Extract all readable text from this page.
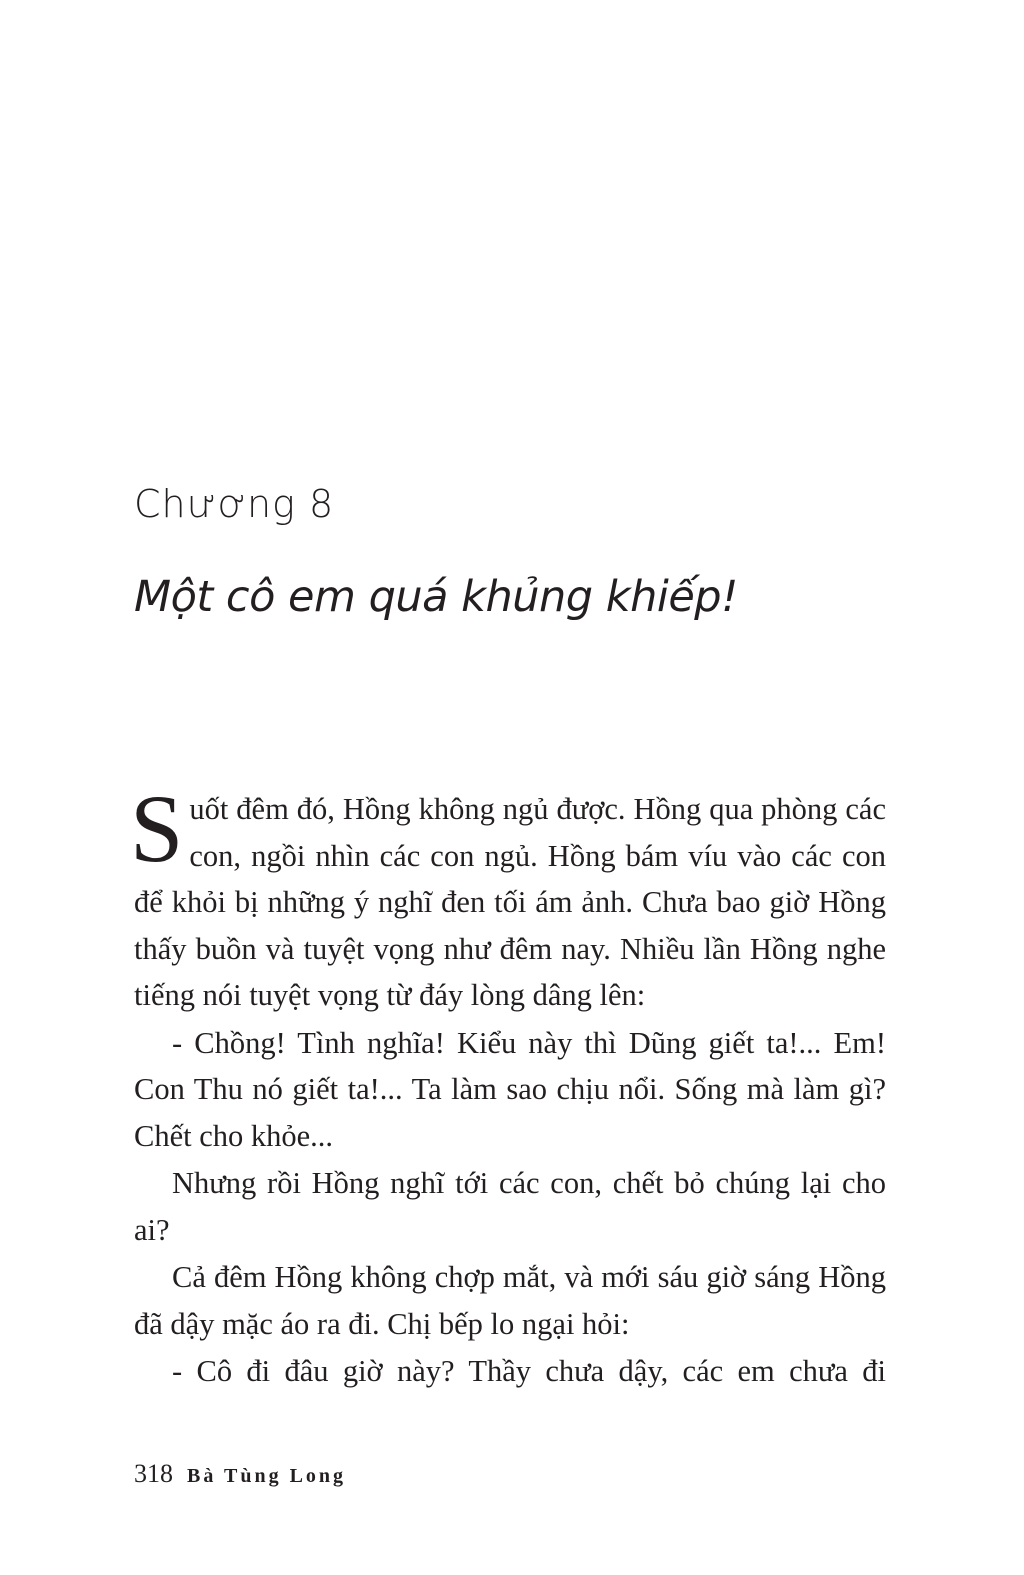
Chương 8
Một cô em quá khủng khiếp!

Suốt đêm đó, Hồng không ngủ được. Hồng qua phòng các con, ngồi nhìn các con ngủ. Hồng bám víu vào các con để khỏi bị những ý nghĩ đen tối ám ảnh. Chưa bao giờ Hồng thấy buồn và tuyệt vọng như đêm nay. Nhiều lần Hồng nghe tiếng nói tuyệt vọng từ đáy lòng dâng lên:

- Chồng! Tình nghĩa! Kiểu này thì Dũng giết ta!... Em! Con Thu nó giết ta!... Ta làm sao chịu nổi. Sống mà làm gì? Chết cho khỏe...

Nhưng rồi Hồng nghĩ tới các con, chết bỏ chúng lại cho ai?

Cả đêm Hồng không chợp mắt, và mới sáu giờ sáng Hồng đã dậy mặc áo ra đi. Chị bếp lo ngại hỏi:

- Cô đi đâu giờ này? Thầy chưa dậy, các em chưa đi

318 Bà Tùng Long
